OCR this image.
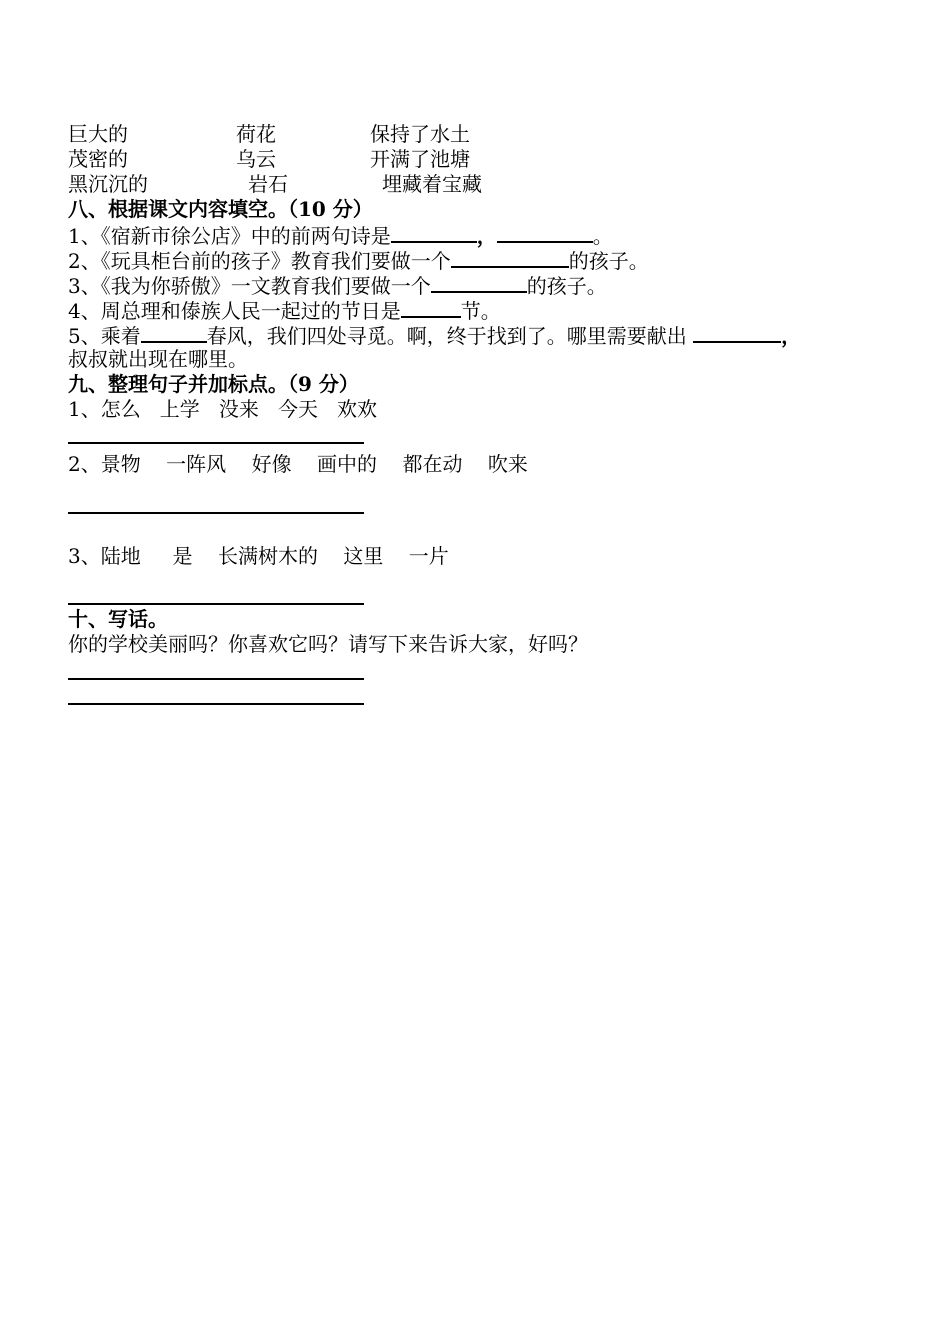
巨大的	荷花	保持了水土
茂密的	乌云	开满了池塘
黑沉沉的	岩石	埋藏着宝藏
八、根据课文内容填空。（10 分）
1、《宿新市徐公店》中的前两句诗是	，	。
2、《玩具柜台前的孩子》教育我们要做一个	的孩子。
3、《我为你骄傲》一文教育我们要做一个	的孩子。
4、周总理和傣族人民一起过的节日是	节。
5、乘着	春风，我们四处寻觅。啊，终于找到了。哪里需要献出	，
叔叔就出现在哪里。
九、整理句子并加标点。（9 分）
1、怎么   上学   没来   今天   欢欢
2、景物    一阵风    好像    画中的    都在动    吹来
3、陆地     是    长满树木的    这里    一片
十、写话。
你的学校美丽吗？你喜欢它吗？请写下来告诉大家，好吗？
